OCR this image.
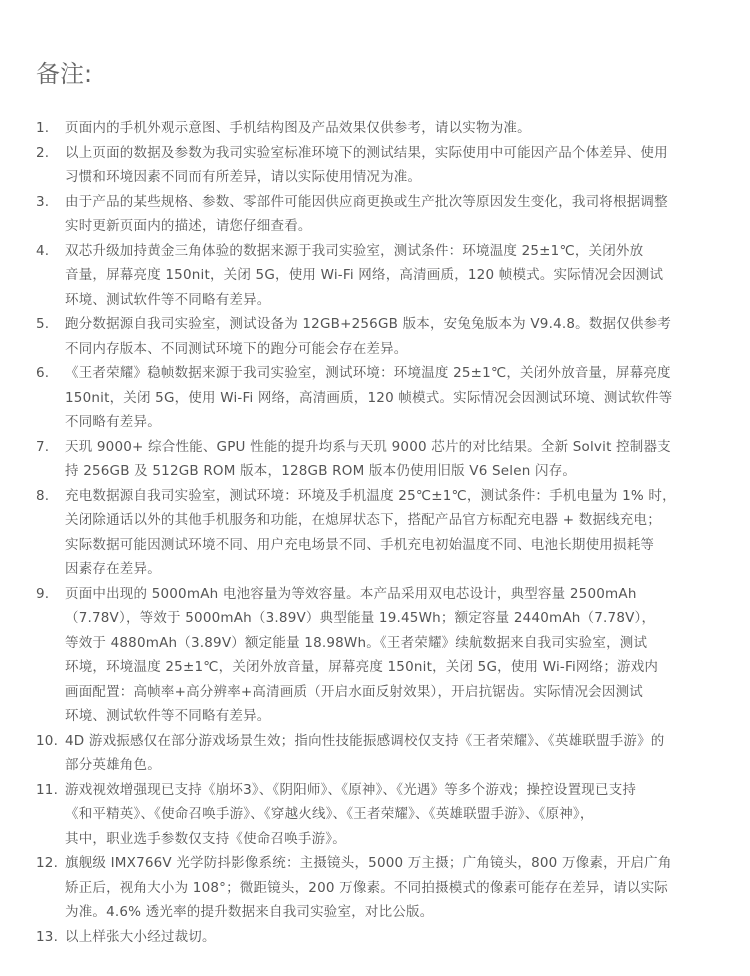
备注:
1.	页面内的手机外观示意图、手机结构图及产品效果仅供参考，请以实物为准。
2.	以上页面的数据及参数为我司实验室标准环境下的测试结果，实际使用中可能因产品个体差异、使用
习惯和环境因素不同而有所差异，请以实际使用情况为准。
3.	由于产品的某些规格、参数、零部件可能因供应商更换或生产批次等原因发生变化，我司将根据调整
实时更新页面内的描述，请您仔细查看。
4.	双芯升级加持黄金三角体验的数据来源于我司实验室，测试条件：环境温度 25±1℃，关闭外放
音量，屏幕亮度 150nit，关闭 5G，使用 Wi-Fi 网络，高清画质，120 帧模式。实际情况会因测试
环境、测试软件等不同略有差异。
5.	跑分数据源自我司实验室，测试设备为 12GB+256GB 版本，安兔兔版本为 V9.4.8。数据仅供参考
不同内存版本、不同测试环境下的跑分可能会存在差异。
6.	《王者荣耀》稳帧数据来源于我司实验室，测试环境：环境温度 25±1℃，关闭外放音量，屏幕亮度
150nit，关闭 5G，使用 Wi-Fi 网络，高清画质，120 帧模式。实际情况会因测试环境、测试软件等
不同略有差异。
7.	天玑 9000+ 综合性能、GPU 性能的提升均系与天玑 9000 芯片的对比结果。全新 Solvit 控制器支
持 256GB 及 512GB ROM 版本，128GB ROM 版本仍使用旧版 V6 Selen 闪存。
8.	充电数据源自我司实验室，测试环境：环境及手机温度 25℃±1℃，测试条件：手机电量为 1% 时，
关闭除通话以外的其他手机服务和功能，在熄屏状态下，搭配产品官方标配充电器 + 数据线充电；
实际数据可能因测试环境不同、用户充电场景不同、手机充电初始温度不同、电池长期使用损耗等
因素存在差异。
9.	页面中出现的 5000mAh 电池容量为等效容量。本产品采用双电芯设计，典型容量 2500mAh
（7.78V），等效于 5000mAh（3.89V）典型能量 19.45Wh；额定容量 2440mAh（7.78V），
等效于 4880mAh（3.89V）额定能量 18.98Wh。《王者荣耀》续航数据来自我司实验室，测试
环境，环境温度 25±1℃，关闭外放音量，屏幕亮度 150nit，关闭 5G，使用 Wi-Fi网络；游戏内
画面配置：高帧率+高分辨率+高清画质（开启水面反射效果），开启抗锯齿。实际情况会因测试
环境、测试软件等不同略有差异。
10. 4D 游戏振感仅在部分游戏场景生效；指向性技能振感调校仅支持《王者荣耀》、《英雄联盟手游》的
部分英雄角色。
11. 游戏视效增强现已支持《崩坏3》、《阴阳师》、《原神》、《光遇》等多个游戏；操控设置现已支持
《和平精英》、《使命召唤手游》、《穿越火线》、《王者荣耀》、《英雄联盟手游》、《原神》，
其中，职业选手参数仅支持《使命召唤手游》。
12. 旗舰级 IMX766V 光学防抖影像系统：主摄镜头，5000 万主摄；广角镜头，800 万像素，开启广角
矫正后，视角大小为 108°；微距镜头，200 万像素。不同拍摄模式的像素可能存在差异，请以实际
为准。4.6% 透光率的提升数据来自我司实验室，对比公版。
13. 以上样张大小经过裁切。
